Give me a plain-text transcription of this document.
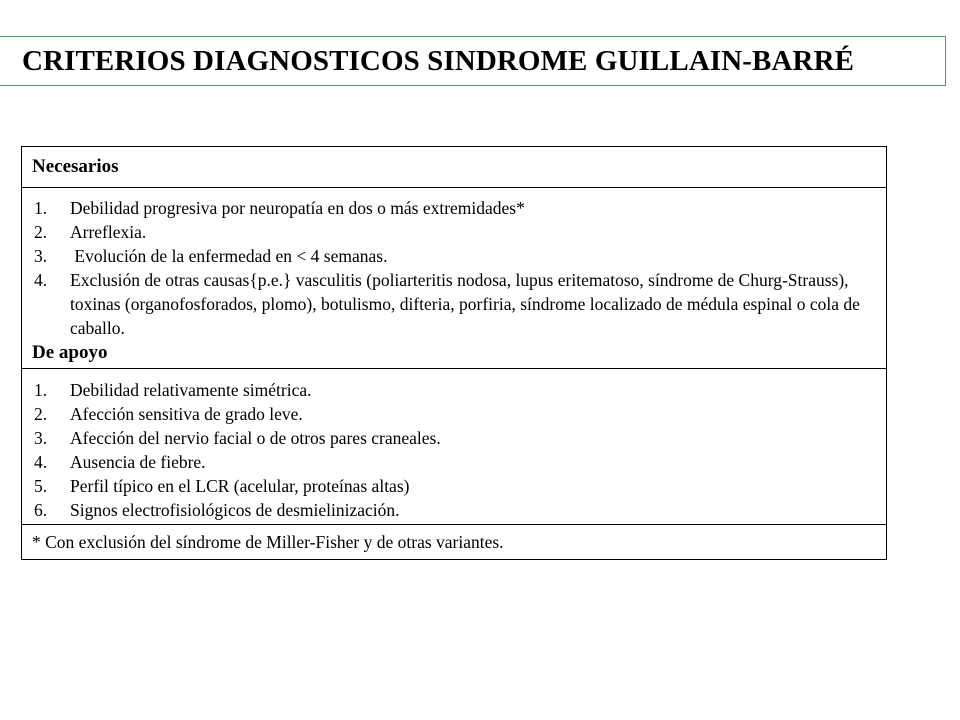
CRITERIOS DIAGNOSTICOS SINDROME GUILLAIN-BARRÉ
Necesarios

1.	Debilidad progresiva por neuropatía en dos o más extremidades*
2.	Arreflexia.
3.	Evolución de la enfermedad en < 4 semanas.
4.	Exclusión de otras causas{p.e.} vasculitis (poliarteritis nodosa, lupus eritematoso, síndrome de Churg-Strauss), toxinas (organofosforados, plomo), botulismo, difteria, porfiria, síndrome localizado de médula espinal o cola de caballo.
De apoyo

1.	Debilidad relativamente simétrica.
2.	Afección sensitiva de grado leve.
3.	Afección del nervio facial o de otros pares craneales.
4.	Ausencia de fiebre.
5.	Perfil típico en el LCR (acelular, proteínas altas)
6.	Signos electrofisiológicos de desmielinización.

* Con exclusión del síndrome de Miller-Fisher y de otras variantes.
